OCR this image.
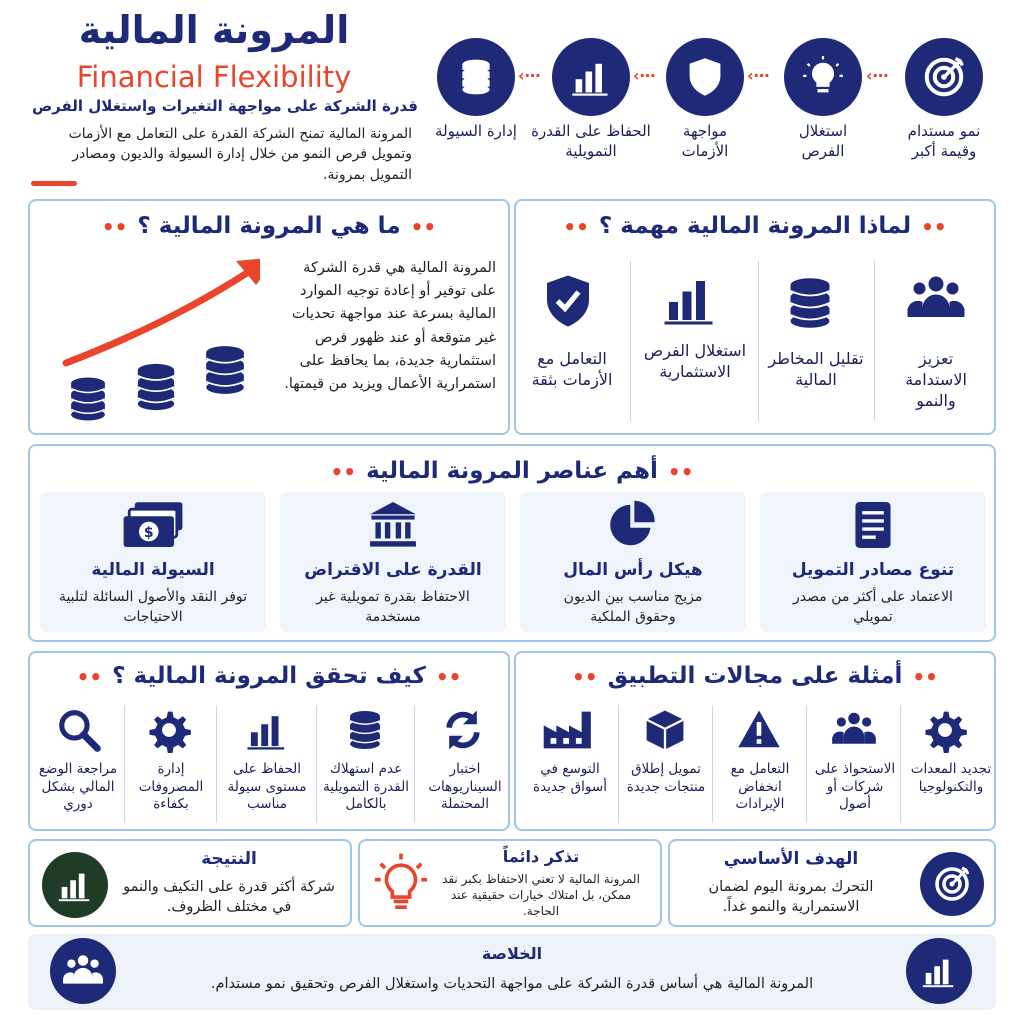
المرونة المالية
Financial Flexibility
قدرة الشركة على مواجهة التغيرات واستغلال الفرص
المرونة المالية تمنح الشركة القدرة على التعامل مع الأزمات وتمويل فرص النمو من خلال إدارة السيولة والديون ومصادر التمويل بمرونة.
⋯›
⋯›
⋯›
⋯›
نمو مستدام وقيمة أكبر
استغلال الفرص
مواجهة الأزمات
الحفاظ على القدرة التمويلية
إدارة السيولة
••ما هي المرونة المالية ؟••
المرونة المالية هي قدرة الشركة على توفير أو إعادة توجيه الموارد المالية بسرعة عند مواجهة تحديات غير متوقعة أو عند ظهور فرص استثمارية جديدة، بما يحافظ على استمرارية الأعمال ويزيد من قيمتها.
••لماذا المرونة المالية مهمة ؟••
تعزيز الاستدامة والنمو
تقليل المخاطر المالية
استغلال الفرص الاستثمارية
التعامل مع الأزمات بثقة
••أهم عناصر المرونة المالية••
تنوع مصادر التمويل
الاعتماد على أكثر من مصدر تمويلي
هيكل رأس المال
مزيج مناسب بين الديون وحقوق الملكية
القدرة على الاقتراض
الاحتفاظ بقدرة تمويلية غير مستخدمة
السيولة المالية
توفر النقد والأصول السائلة لتلبية الاحتياجات
••كيف تحقق المرونة المالية ؟••
اختبار السيناريوهات المحتملة
عدم استهلاك القدرة التمويلية بالكامل
الحفاظ على مستوى سيولة مناسب
إدارة المصروفات بكفاءة
مراجعة الوضع المالي بشكل دوري
••أمثلة على مجالات التطبيق••
تجديد المعدات والتكنولوجيا
الاستحواذ على شركات أو أصول
التعامل مع انخفاض الإيرادات
تمويل إطلاق منتجات جديدة
التوسع في أسواق جديدة
الهدف الأساسي
التحرك بمرونة اليوم لضمان الاستمرارية والنمو غداً.
تذكر دائماً
المرونة المالية لا تعني الاحتفاظ بكبر نقد ممكن، بل امتلاك خيارات حقيقية عند الحاجة.
النتيجة
شركة أكثر قدرة على التكيف والنمو في مختلف الظروف.
الخلاصة
المرونة المالية هي أساس قدرة الشركة على مواجهة التحديات واستغلال الفرص وتحقيق نمو مستدام.
